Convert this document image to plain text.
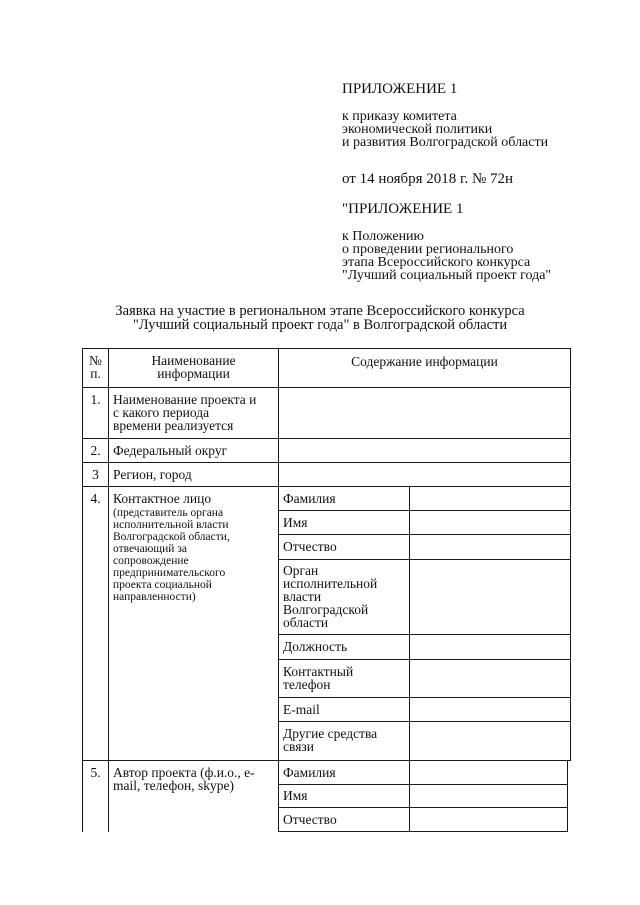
ПРИЛОЖЕНИЕ 1
к приказу комитета
экономической политики
и развития Волгоградской области
от 14 ноября 2018 г. № 72н
"ПРИЛОЖЕНИЕ 1
к Положению
о проведении регионального
этапа Всероссийского конкурса
"Лучший социальный проект года"
Заявка на участие в региональном этапе Всероссийского конкурса
"Лучший социальный проект года" в Волгоградской области
№
п.
Наименование
информации
Содержание информации
1. Наименование проекта и
с какого периода
времени реализуется
2. Федеральный округ
3	Регион, город
4. Контактное лицо
(представитель органа
исполнительной власти
Волгоградской области,
отвечающий за
сопровождение
предпринимательского
проекта социальной
направленности)
Фамилия
Имя
Отчество
Орган
исполнительной
власти
Волгоградской
области
Должность
Контактный
телефон
E-mail
Другие средства
связи
5. Автор проекта (ф.и.о., е-
mail, телефон, skype)
Фамилия
Имя
Отчество
